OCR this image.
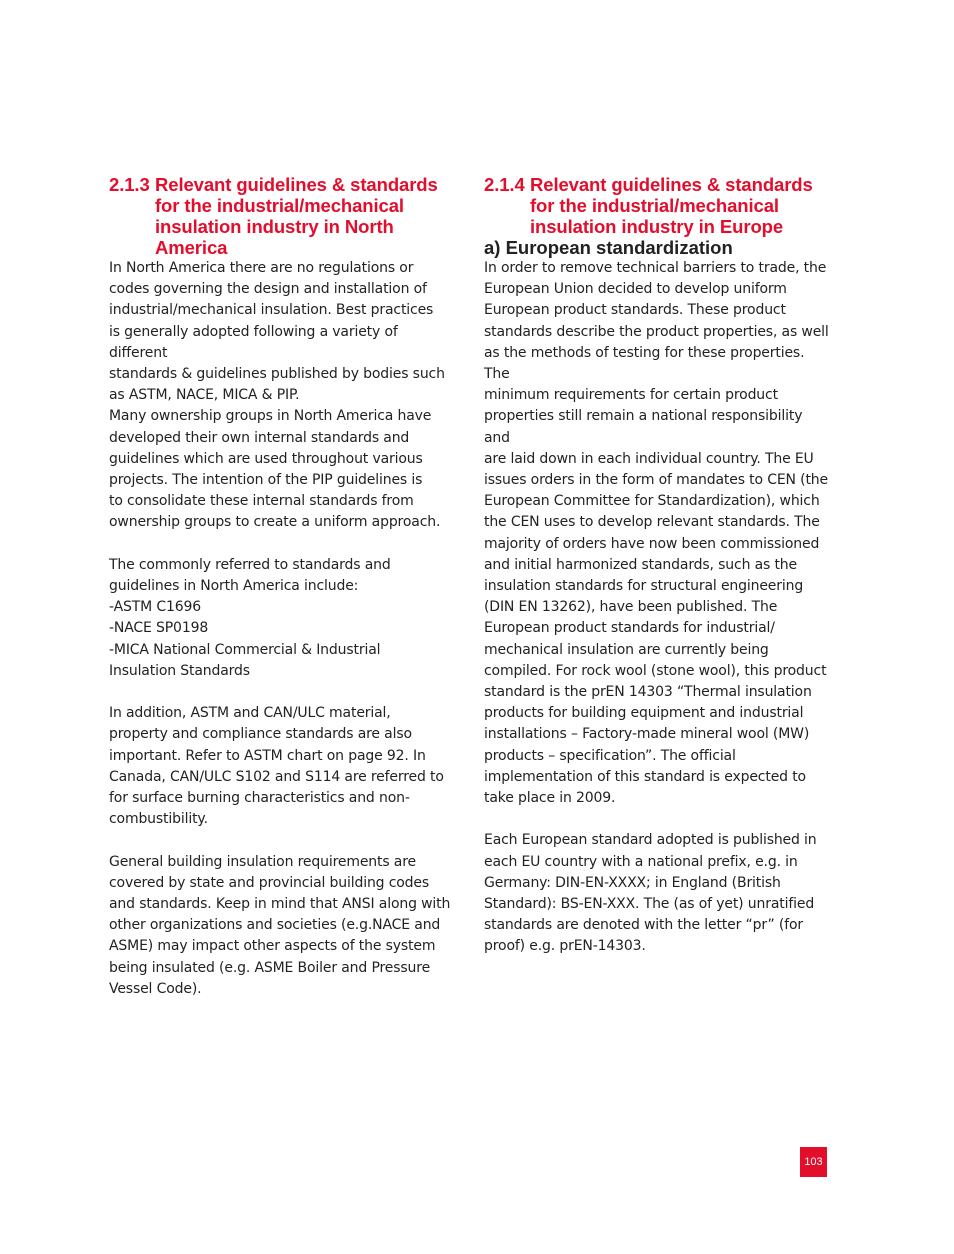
2.1.3 Relevant guidelines & standards for the industrial/mechanical insulation industry in North America

In North America there are no regulations or
codes governing the design and installation of
industrial/mechanical insulation. Best practices
is generally adopted following a variety of different
standards & guidelines published by bodies such
as ASTM, NACE, MICA & PIP.
Many ownership groups in North America have
developed their own internal standards and
guidelines which are used throughout various
projects. The intention of the PIP guidelines is
to consolidate these internal standards from
ownership groups to create a uniform approach.

The commonly referred to standards and
guidelines in North America include:
-ASTM C1696
-NACE SP0198
-MICA National Commercial & Industrial
Insulation Standards

In addition, ASTM and CAN/ULC material,
property and compliance standards are also
important. Refer to ASTM chart on page 92. In
Canada, CAN/ULC S102 and S114 are referred to
for surface burning characteristics and non-
combustibility.

General building insulation requirements are
covered by state and provincial building codes
and standards. Keep in mind that ANSI along with
other organizations and societies (e.g.NACE and
ASME) may impact other aspects of the system
being insulated (e.g. ASME Boiler and Pressure
Vessel Code).

2.1.4 Relevant guidelines & standards for the industrial/mechanical insulation industry in Europe
a) European standardization

In order to remove technical barriers to trade, the
European Union decided to develop uniform
European product standards. These product
standards describe the product properties, as well
as the methods of testing for these properties. The
minimum requirements for certain product
properties still remain a national responsibility and
are laid down in each individual country. The EU
issues orders in the form of mandates to CEN (the
European Committee for Standardization), which
the CEN uses to develop relevant standards. The
majority of orders have now been commissioned
and initial harmonized standards, such as the
insulation standards for structural engineering
(DIN EN 13262), have been published. The
European product standards for industrial/
mechanical insulation are currently being
compiled. For rock wool (stone wool), this product
standard is the prEN 14303 “Thermal insulation
products for building equipment and industrial
installations – Factory-made mineral wool (MW)
products – specification”. The official
implementation of this standard is expected to
take place in 2009.

Each European standard adopted is published in
each EU country with a national prefix, e.g. in
Germany: DIN-EN-XXXX; in England (British
Standard): BS-EN-XXX. The (as of yet) unratified
standards are denoted with the letter “pr” (for
proof) e.g. prEN-14303.

103
